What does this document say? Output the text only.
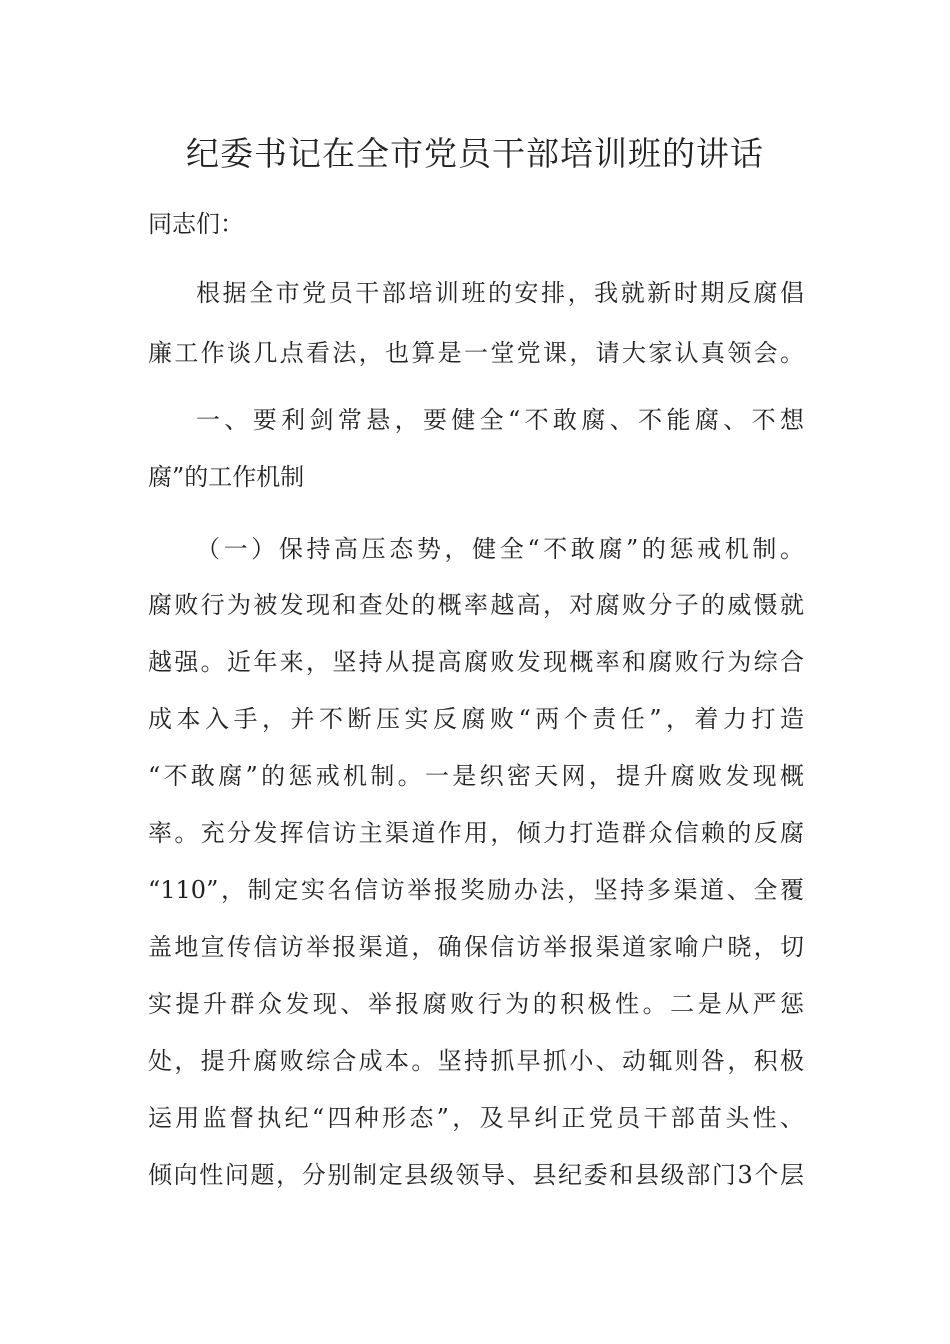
纪委书记在全市党员干部培训班的讲话
同志们：
根据全市党员干部培训班的安排，我就新时期反腐倡
廉工作谈几点看法，也算是一堂党课，请大家认真领会。
一、要利剑常悬，要健全“不敢腐、不能腐、不想
腐”的工作机制
（一）保持高压态势，健全“不敢腐”的惩戒机制。
腐败行为被发现和查处的概率越高，对腐败分子的威慑就
越强。近年来，坚持从提高腐败发现概率和腐败行为综合
成本入手，并不断压实反腐败“两个责任”，着力打造
“不敢腐”的惩戒机制。一是织密天网，提升腐败发现概
率。充分发挥信访主渠道作用，倾力打造群众信赖的反腐
“110”，制定实名信访举报奖励办法，坚持多渠道、全覆
盖地宣传信访举报渠道，确保信访举报渠道家喻户晓，切
实提升群众发现、举报腐败行为的积极性。二是从严惩
处，提升腐败综合成本。坚持抓早抓小、动辄则咎，积极
运用监督执纪“四种形态”，及早纠正党员干部苗头性、
倾向性问题，分别制定县级领导、县纪委和县级部门3个层
